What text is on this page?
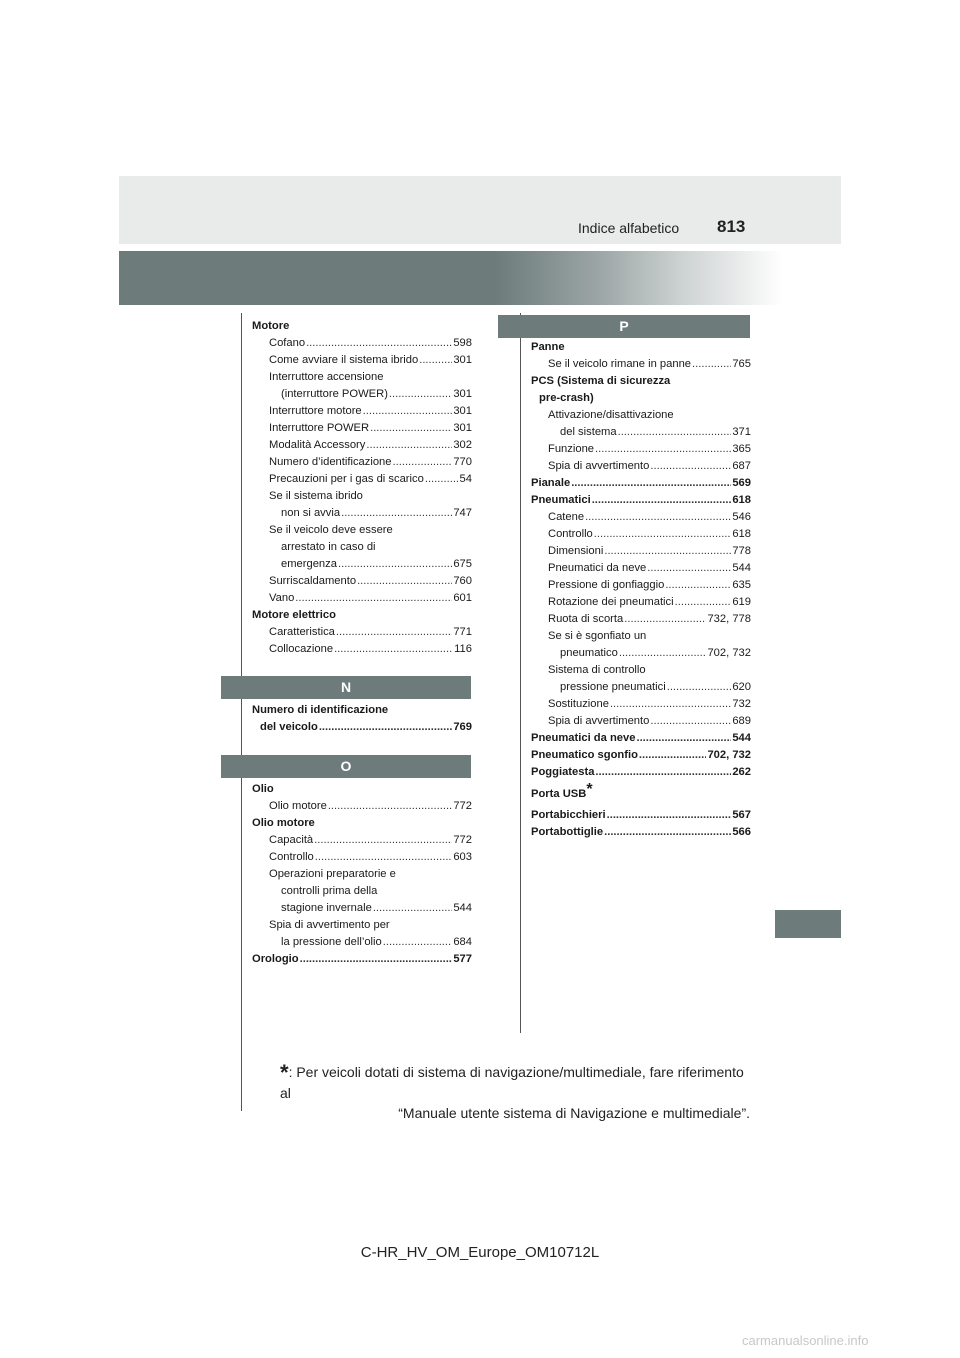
813
Indice alfabetico
Motore
Cofano .....	598
Come avviare il sistema ibrido .....	301
Interruttore accensione
(interruttore POWER) .....	301
Interruttore motore .....	301
Interruttore POWER .....	301
Modalità Accessory .....	302
Numero d’identificazione .....	770
Precauzioni per i gas di scarico .....	54
Se il sistema ibrido
non si avvia .....	747
Se il veicolo deve essere
arrestato in caso di
emergenza .....	675
Surriscaldamento .....	760
Vano .....	601
Motore elettrico
Caratteristica .....	771
Collocazione .....	116
N
Numero di identificazione
del veicolo .....	769
O
Olio
Olio motore .....	772
Olio motore
Capacità .....	772
Controllo .....	603
Operazioni preparatorie e
controlli prima della
stagione invernale .....	544
Spia di avvertimento per
la pressione dell’olio .....	684
Orologio .....	577
P
Panne
Se il veicolo rimane in panne .....	765
PCS (Sistema di sicurezza
pre-crash)
Attivazione/disattivazione
del sistema .....	371
Funzione .....	365
Spia di avvertimento .....	687
Pianale .....	569
Pneumatici .....	618
Catene .....	546
Controllo .....	618
Dimensioni .....	778
Pneumatici da neve .....	544
Pressione di gonfiaggio .....	635
Rotazione dei pneumatici .....	619
Ruota di scorta .....	732, 778
Se si è sgonfiato un
pneumatico .....	702, 732
Sistema di controllo
pressione pneumatici .....	620
Sostituzione .....	732
Spia di avvertimento .....	689
Pneumatici da neve .....	544
Pneumatico sgonfio .....	702, 732
Poggiatesta .....	262
Porta USB*
Portabicchieri .....	567
Portabottiglie .....	566
*: Per veicoli dotati di sistema di navigazione/multimediale, fare riferimento al
“Manuale utente sistema di Navigazione e multimediale”.
C-HR_HV_OM_Europe_OM10712L
carmanualsonline.info
